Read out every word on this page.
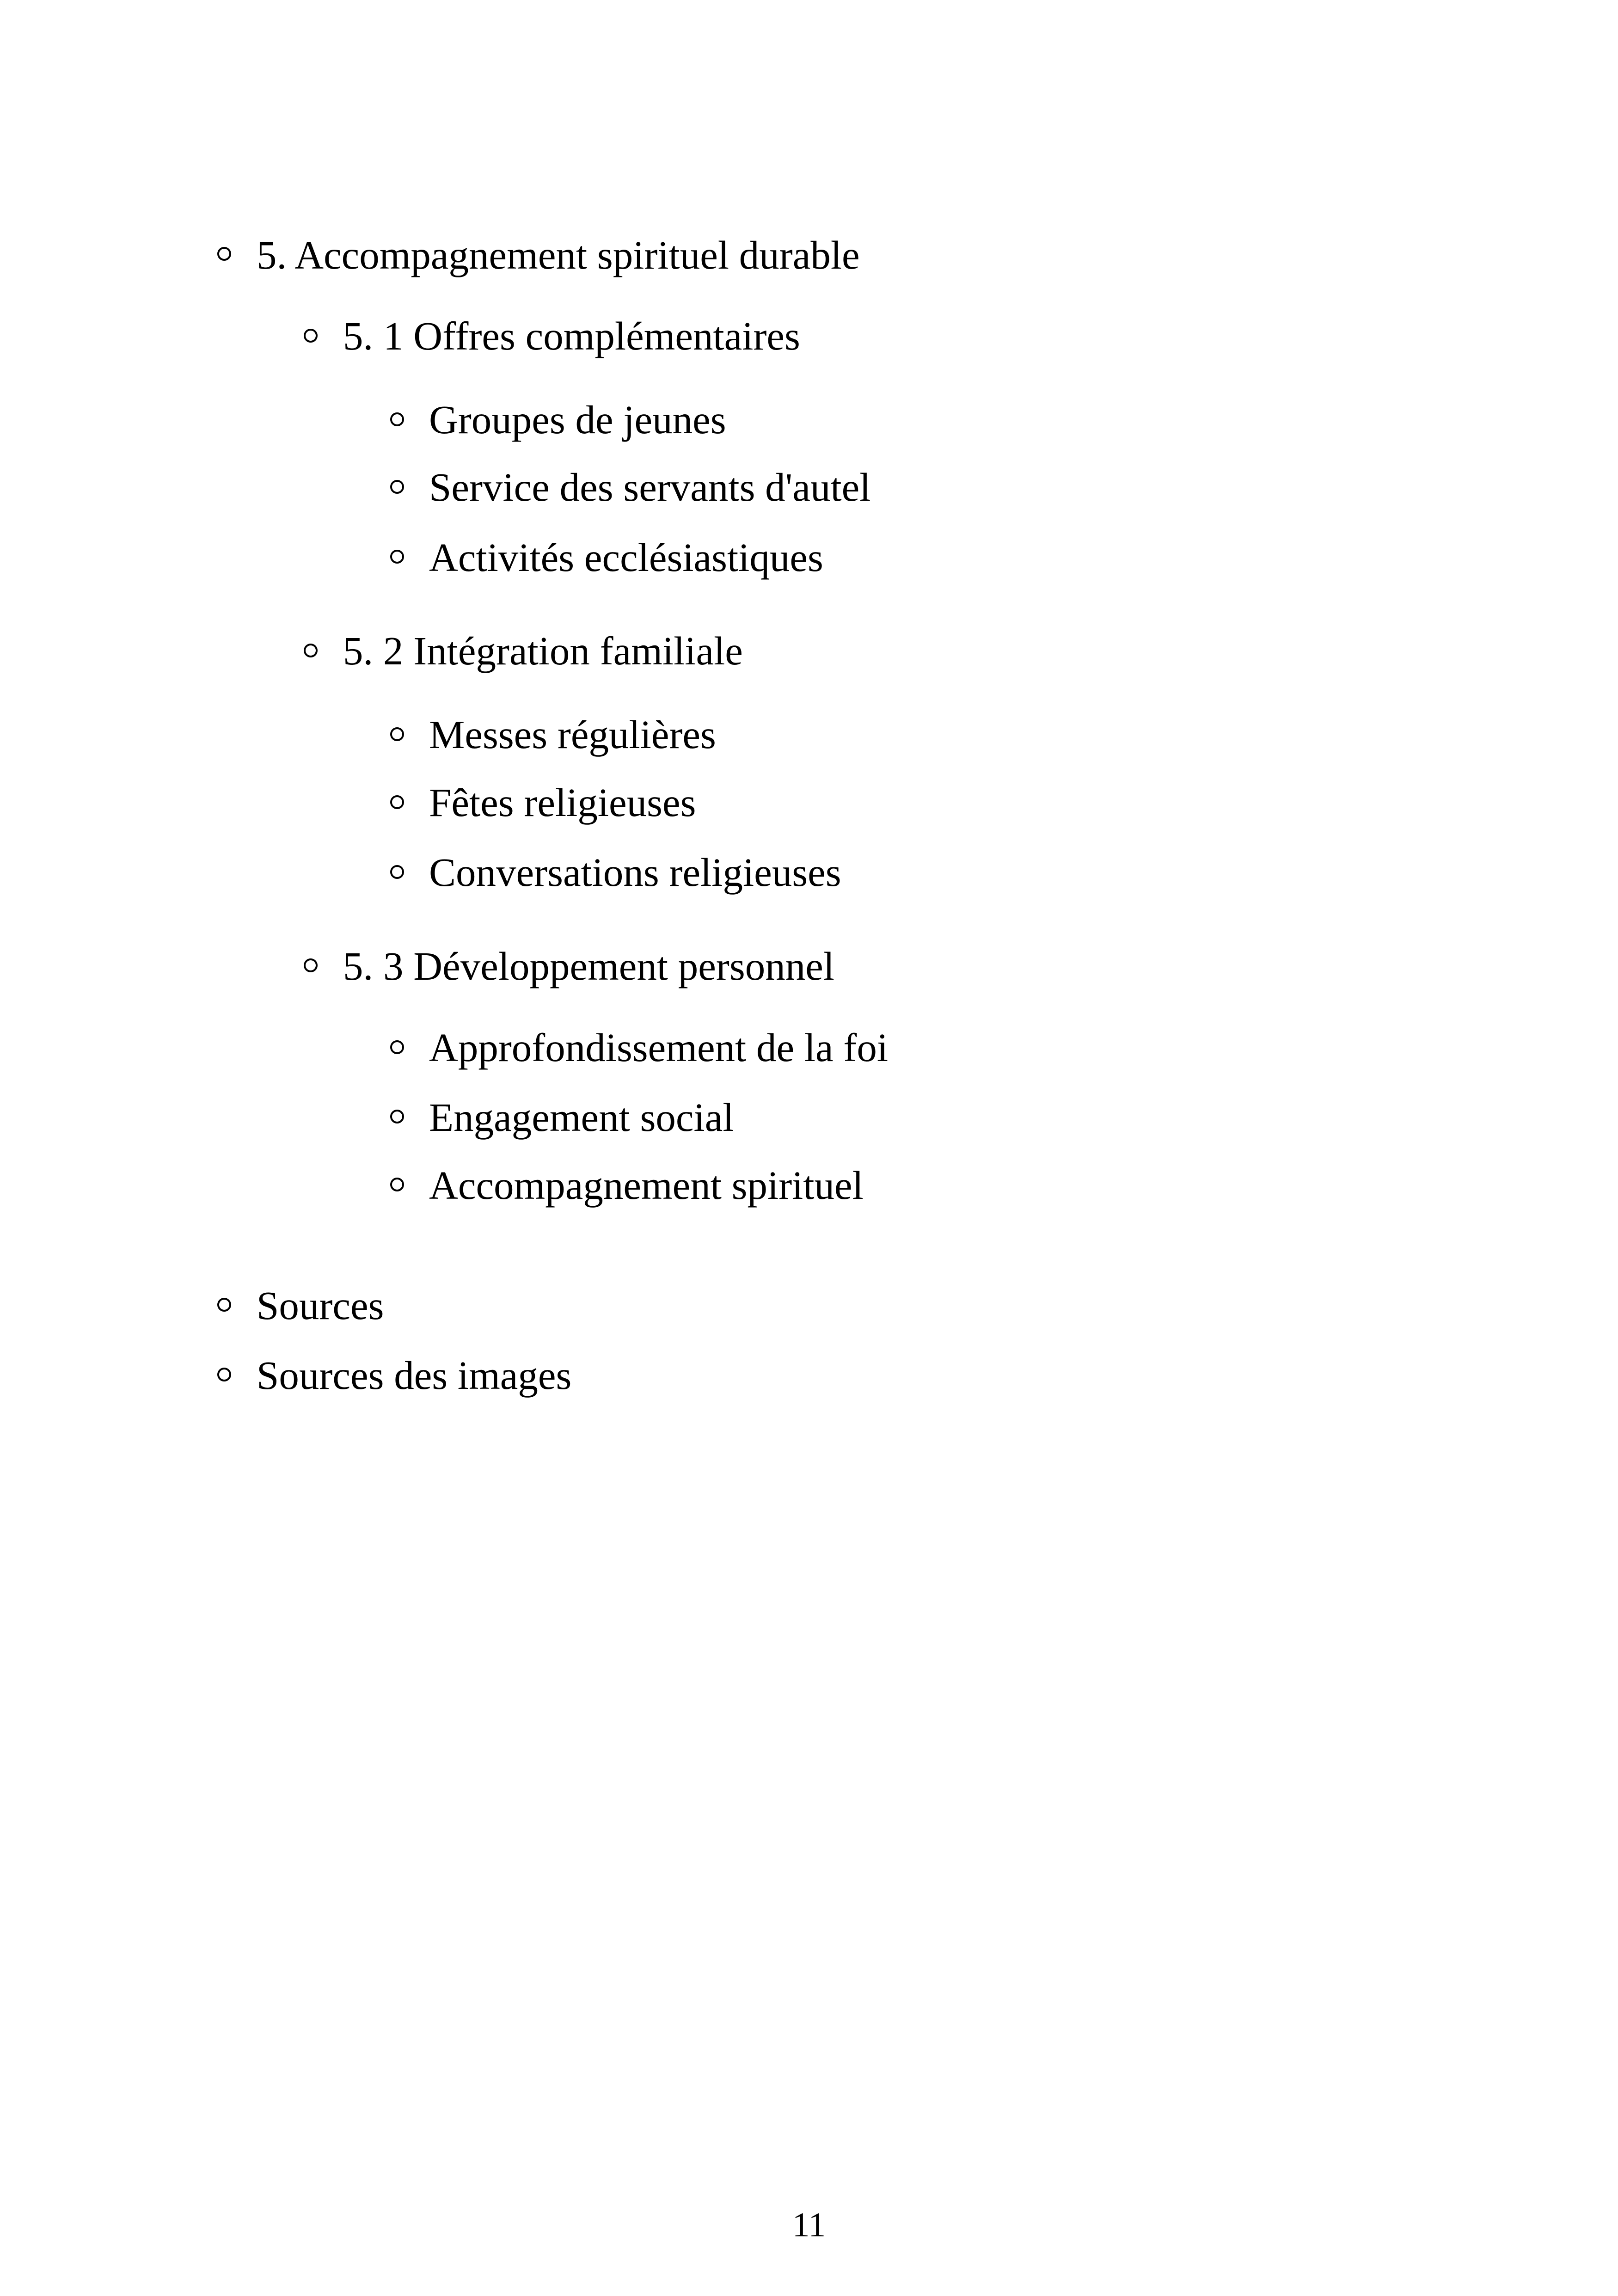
5. Accompagnement spirituel durable
5. 1 Offres complémentaires
Groupes de jeunes
Service des servants d'autel
Activités ecclésiastiques
5. 2 Intégration familiale
Messes régulières
Fêtes religieuses
Conversations religieuses
5. 3 Développement personnel
Approfondissement de la foi
Engagement social
Accompagnement spirituel
Sources
Sources des images
11
